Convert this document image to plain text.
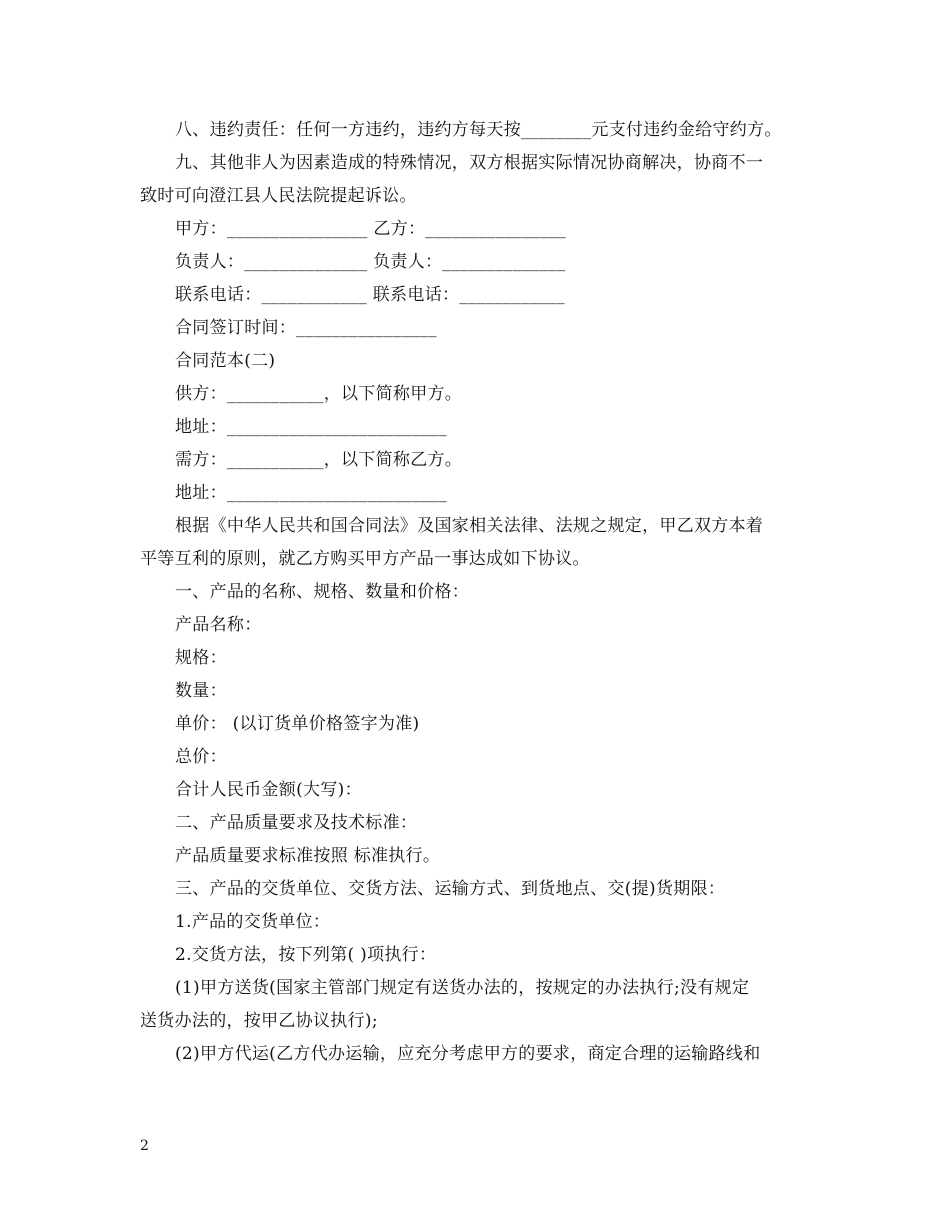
八、违约责任：任何一方违约，违约方每天按________元支付违约金给守约方。
九、其他非人为因素造成的特殊情况，双方根据实际情况协商解决，协商不一
致时可向澄江县人民法院提起诉讼。
甲方：________________ 乙方：________________
负责人：______________ 负责人：______________
联系电话：____________ 联系电话：____________
合同签订时间：________________
合同范本(二)
供方：___________，以下简称甲方。
地址：_________________________
需方：___________，以下简称乙方。
地址：_________________________
根据《中华人民共和国合同法》及国家相关法律、法规之规定，甲乙双方本着
平等互利的原则，就乙方购买甲方产品一事达成如下协议。
一、产品的名称、规格、数量和价格：
产品名称：
规格：
数量：
单价： (以订货单价格签字为准)
总价：
合计人民币金额(大写)：
二、产品质量要求及技术标准：
产品质量要求标准按照 标准执行。
三、产品的交货单位、交货方法、运输方式、到货地点、交(提)货期限：
1.产品的交货单位：
2.交货方法，按下列第( )项执行：
(1)甲方送货(国家主管部门规定有送货办法的，按规定的办法执行;没有规定
送货办法的，按甲乙协议执行);
(2)甲方代运(乙方代办运输，应充分考虑甲方的要求，商定合理的运输路线和
2
